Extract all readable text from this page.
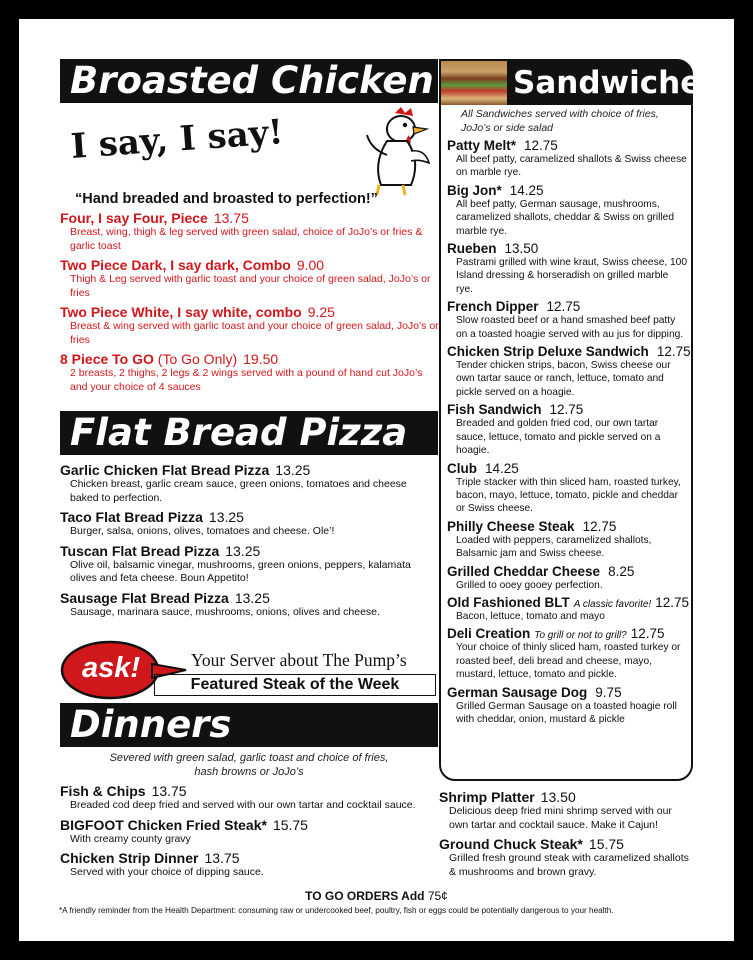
Broasted Chicken
I say, I say!
“Hand breaded and broasted to perfection!”
Four, I say Four, Piece 13.75
Breast, wing, thigh & leg served with green salad, choice of JoJo’s or fries & garlic toast
Two Piece Dark, I say dark, Combo 9.00
Thigh & Leg served with garlic toast and your choice of green salad, JoJo’s or fries
Two Piece White, I say white, combo 9.25
Breast & wing served with garlic toast and your choice of green salad, JoJo’s or fries
8 Piece To GO (To Go Only) 19.50
2 breasts, 2 thighs, 2 legs & 2 wings served with a pound of hand cut JoJo’s and your choice of 4 sauces
Flat Bread Pizza
Garlic Chicken Flat Bread Pizza 13.25
Chicken breast, garlic cream sauce, green onions, tomatoes and cheese baked to perfection.
Taco Flat Bread Pizza 13.25
Burger, salsa, onions, olives, tomatoes and cheese. Ole’!
Tuscan Flat Bread Pizza 13.25
Olive oil, balsamic vinegar, mushrooms, green onions, peppers, kalamata olives and feta cheese. Boun Appetito!
Sausage Flat Bread Pizza 13.25
Sausage, marinara sauce, mushrooms, onions, olives and cheese.
ask!	Your Server about The Pump’s
Featured Steak of the Week
Dinners
Severed with green salad, garlic toast and choice of fries, hash browns or JoJo’s
Fish & Chips 13.75
Breaded cod deep fried and served with our own tartar and cocktail sauce.
BIGFOOT Chicken Fried Steak* 15.75
With creamy county gravy
Chicken Strip Dinner 13.75
Served with your choice of dipping sauce.
Shrimp Platter 13.50
Delicious deep fried mini shrimp served with our own tartar and cocktail sauce. Make it Cajun!
Ground Chuck Steak* 15.75
Grilled fresh ground steak with caramelized shallots & mushrooms and brown gravy.
Sandwiches
All Sandwiches served with choice of fries, JoJo’s or side salad
Patty Melt* 12.75
All beef patty, caramelized shallots & Swiss cheese on marble rye.
Big Jon* 14.25
All beef patty, German sausage, mushrooms, caramelized shallots, cheddar & Swiss on grilled marble rye.
Rueben 13.50
Pastrami grilled with wine kraut, Swiss cheese, 100 Island dressing & horseradish on grilled marble rye.
French Dipper 12.75
Slow roasted beef or a hand smashed beef patty on a toasted hoagie served with au jus for dipping.
Chicken Strip Deluxe Sandwich 12.75
Tender chicken strips, bacon, Swiss cheese our own tartar sauce or ranch, lettuce, tomato and pickle served on a hoagie.
Fish Sandwich 12.75
Breaded and golden fried cod, our own tartar sauce, lettuce, tomato and pickle served on a hoagie.
Club 14.25
Triple stacker with thin sliced ham, roasted turkey, bacon, mayo, lettuce, tomato, pickle and cheddar or Swiss cheese.
Philly Cheese Steak 12.75
Loaded with peppers, caramelized shallots, Balsamic jam and Swiss cheese.
Grilled Cheddar Cheese 8.25
Grilled to ooey gooey perfection.
Old Fashioned BLT A classic favorite! 12.75
Bacon, lettuce, tomato and mayo
Deli Creation To grill or not to grill? 12.75
Your choice of thinly sliced ham, roasted turkey or roasted beef, deli bread and cheese, mayo, mustard, lettuce, tomato and pickle.
German Sausage Dog 9.75
Grilled German Sausage on a toasted hoagie roll with cheddar, onion, mustard & pickle
TO GO ORDERS Add 75¢
*A friendly reminder from the Health Department: consuming raw or undercooked beef, poultry, fish or eggs could be potentially dangerous to your health.
